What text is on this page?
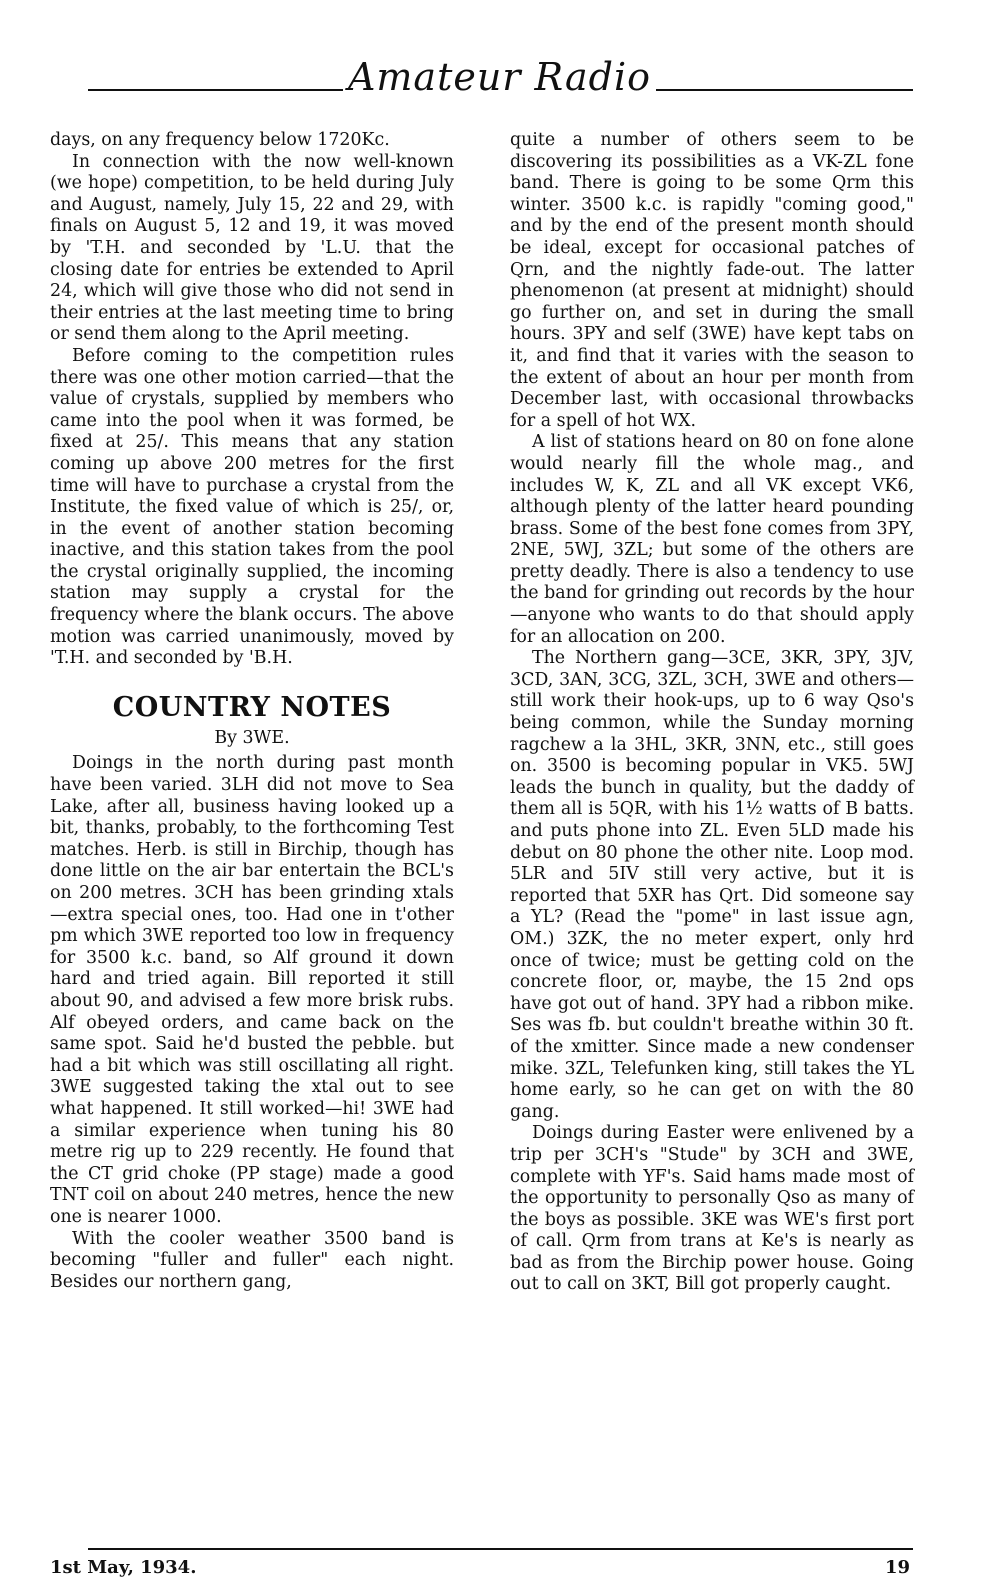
Amateur Radio

days, on any frequency below 1720Kc.

In connection with the now well-known (we hope) competition, to be held during July and August, namely, July 15, 22 and 29, with finals on August 5, 12 and 19, it was moved by 'T.H. and seconded by 'L.U. that the closing date for entries be extended to April 24, which will give those who did not send in their entries at the last meeting time to bring or send them along to the April meeting.

Before coming to the competition rules there was one other motion carried—that the value of crystals, supplied by members who came into the pool when it was formed, be fixed at 25/. This means that any station coming up above 200 metres for the first time will have to purchase a crystal from the Institute, the fixed value of which is 25/, or, in the event of another station becoming inactive, and this station takes from the pool the crystal originally supplied, the incoming station may supply a crystal for the frequency where the blank occurs. The above motion was carried unanimously, moved by 'T.H. and seconded by 'B.H.

COUNTRY NOTES
By 3WE.

Doings in the north during past month have been varied. 3LH did not move to Sea Lake, after all, business having looked up a bit, thanks, probably, to the forthcoming Test matches. Herb. is still in Birchip, though has done little on the air bar entertain the BCL's on 200 metres. 3CH has been grinding xtals—extra special ones, too. Had one in t'other pm which 3WE reported too low in frequency for 3500 k.c. band, so Alf ground it down hard and tried again. Bill reported it still about 90, and advised a few more brisk rubs. Alf obeyed orders, and came back on the same spot. Said he'd busted the pebble. but had a bit which was still oscillating all right. 3WE suggested taking the xtal out to see what happened. It still worked—hi! 3WE had a similar experience when tuning his 80 metre rig up to 229 recently. He found that the CT grid choke (PP stage) made a good TNT coil on about 240 metres, hence the new one is nearer 1000.

With the cooler weather 3500 band is becoming "fuller and fuller" each night. Besides our northern gang,

quite a number of others seem to be discovering its possibilities as a VK-ZL fone band. There is going to be some Qrm this winter. 3500 k.c. is rapidly "coming good," and by the end of the present month should be ideal, except for occasional patches of Qrn, and the nightly fade-out. The latter phenomenon (at present at midnight) should go further on, and set in during the small hours. 3PY and self (3WE) have kept tabs on it, and find that it varies with the season to the extent of about an hour per month from December last, with occasional throwbacks for a spell of hot WX.

A list of stations heard on 80 on fone alone would nearly fill the whole mag., and includes W, K, ZL and all VK except VK6, although plenty of the latter heard pounding brass. Some of the best fone comes from 3PY, 2NE, 5WJ, 3ZL; but some of the others are pretty deadly. There is also a tendency to use the band for grinding out records by the hour—anyone who wants to do that should apply for an allocation on 200.

The Northern gang—3CE, 3KR, 3PY, 3JV, 3CD, 3AN, 3CG, 3ZL, 3CH, 3WE and others—still work their hook-ups, up to 6 way Qso's being common, while the Sunday morning ragchew a la 3HL, 3KR, 3NN, etc., still goes on. 3500 is becoming popular in VK5. 5WJ leads the bunch in quality, but the daddy of them all is 5QR, with his 1½ watts of B batts. and puts phone into ZL. Even 5LD made his debut on 80 phone the other nite. Loop mod. 5LR and 5IV still very active, but it is reported that 5XR has Qrt. Did someone say a YL? (Read the "pome" in last issue agn, OM.) 3ZK, the no meter expert, only hrd once of twice; must be getting cold on the concrete floor, or, maybe, the 15 2nd ops have got out of hand. 3PY had a ribbon mike. Ses was fb. but couldn't breathe within 30 ft. of the xmitter. Since made a new condenser mike. 3ZL, Telefunken king, still takes the YL home early, so he can get on with the 80 gang.

Doings during Easter were enlivened by a trip per 3CH's "Stude" by 3CH and 3WE, complete with YF's. Said hams made most of the opportunity to personally Qso as many of the boys as possible. 3KE was WE's first port of call. Qrm from trans at Ke's is nearly as bad as from the Birchip power house. Going out to call on 3KT, Bill got properly caught.

1st May, 1934.	19
